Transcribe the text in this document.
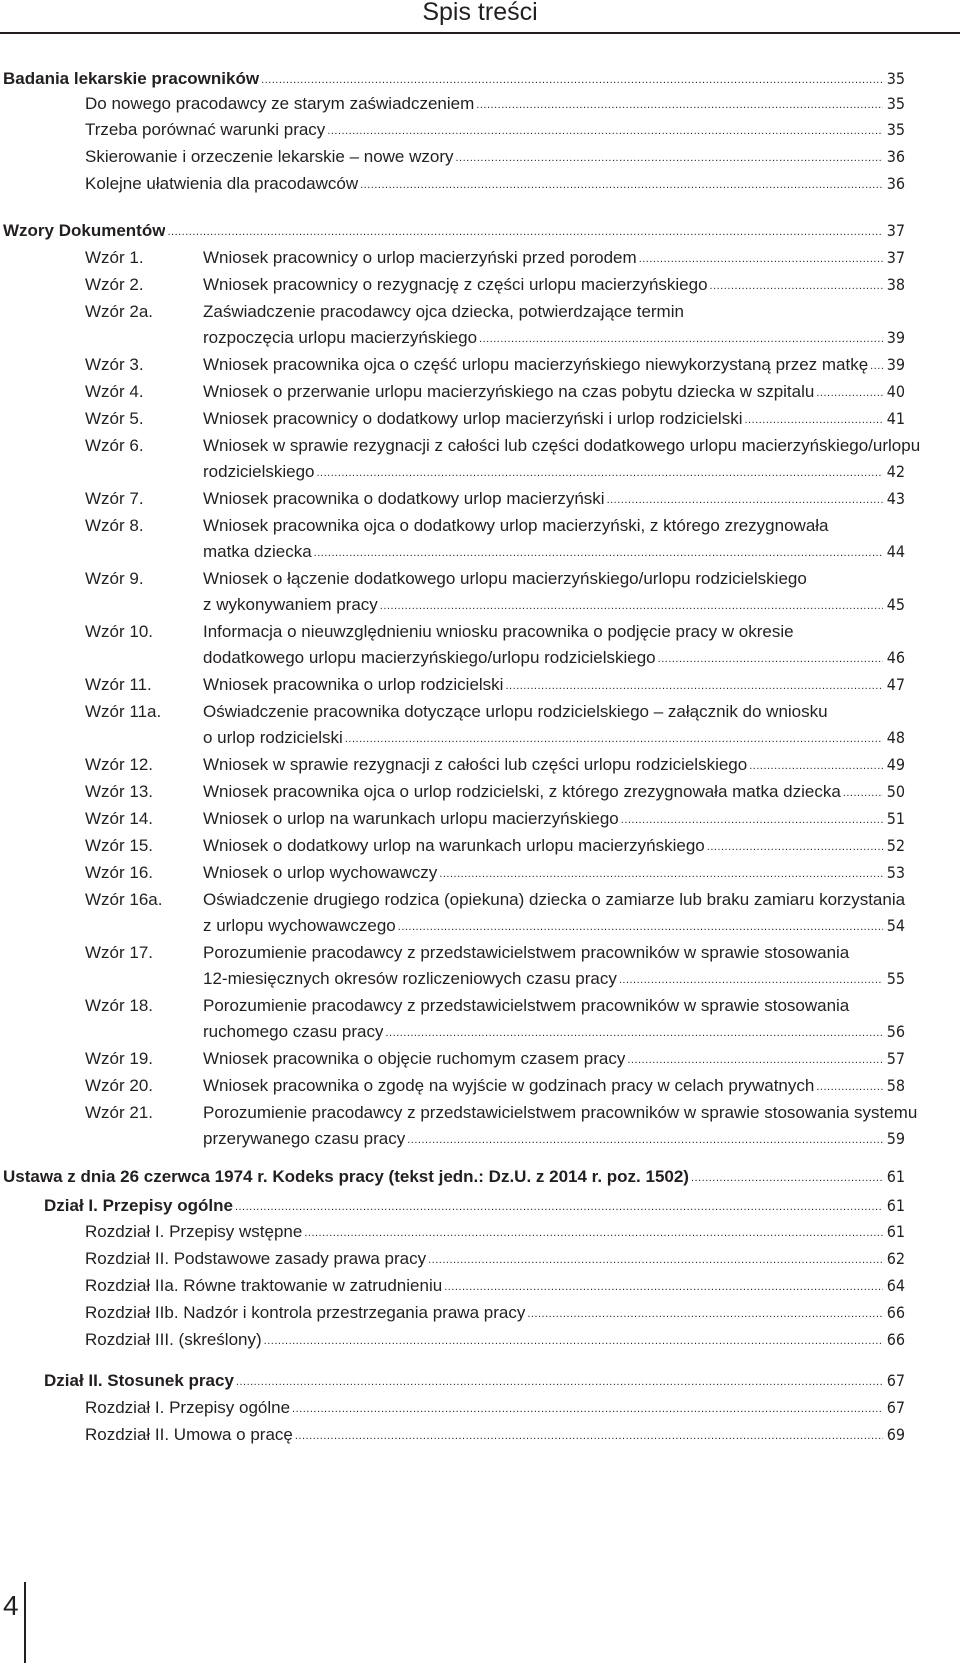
Spis treści
Badania lekarskie pracowników .....	35
Do nowego pracodawcy ze starym zaświadczeniem .....	35
Trzeba porównać warunki pracy .....	35
Skierowanie i orzeczenie lekarskie – nowe wzory .....	36
Kolejne ułatwienia dla pracodawców .....	36
Wzory Dokumentów .....	37
Wzór 1.	Wniosek pracownicy o urlop macierzyński przed porodem .....	37
Wzór 2.	Wniosek pracownicy o rezygnację z części urlopu macierzyńskiego .....	38
Wzór 2a.	Zaświadczenie pracodawcy ojca dziecka, potwierdzające termin
rozpoczęcia urlopu macierzyńskiego .....	39
Wzór 3.	Wniosek pracownika ojca o część urlopu macierzyńskiego niewykorzystaną przez matkę ..... 39
Wzór 4.	Wniosek o przerwanie urlopu macierzyńskiego na czas pobytu dziecka w szpitalu .....	40
Wzór 5.	Wniosek pracownicy o dodatkowy urlop macierzyński i urlop rodzicielski .....	41
Wzór 6.	Wniosek w sprawie rezygnacji z całości lub części dodatkowego urlopu macierzyńskiego/urlopu
rodzicielskiego .....	42
Wzór 7.	Wniosek pracownika o dodatkowy urlop macierzyński .....	43
Wzór 8.	Wniosek pracownika ojca o dodatkowy urlop macierzyński, z którego zrezygnowała
matka dziecka .....	44
Wzór 9.	Wniosek o łączenie dodatkowego urlopu macierzyńskiego/urlopu rodzicielskiego
z wykonywaniem pracy .....	45
Wzór 10.	Informacja o nieuwzględnieniu wniosku pracownika o podjęcie pracy w okresie
dodatkowego urlopu macierzyńskiego/urlopu rodzicielskiego .....	46
Wzór 11.	Wniosek pracownika o urlop rodzicielski .....	47
Wzór 11a. Oświadczenie pracownika dotyczące urlopu rodzicielskiego – załącznik do wniosku
o urlop rodzicielski .....	48
Wzór 12.	Wniosek w sprawie rezygnacji z całości lub części urlopu rodzicielskiego .....	49
Wzór 13.	Wniosek pracownika ojca o urlop rodzicielski, z którego zrezygnowała matka dziecka .....	50
Wzór 14.	Wniosek o urlop na warunkach urlopu macierzyńskiego .....	51
Wzór 15.	Wniosek o dodatkowy urlop na warunkach urlopu macierzyńskiego .....	52
Wzór 16.	Wniosek o urlop wychowawczy .....	53
Wzór 16a. Oświadczenie drugiego rodzica (opiekuna) dziecka o zamiarze lub braku zamiaru korzystania
z urlopu wychowawczego .....	54
Wzór 17.	Porozumienie pracodawcy z przedstawicielstwem pracowników w sprawie stosowania
12-miesięcznych okresów rozliczeniowych czasu pracy .....	55
Wzór 18.	Porozumienie pracodawcy z przedstawicielstwem pracowników w sprawie stosowania
ruchomego czasu pracy .....	56
Wzór 19.	Wniosek pracownika o objęcie ruchomym czasem pracy .....	57
Wzór 20.	Wniosek pracownika o zgodę na wyjście w godzinach pracy w celach prywatnych .....	58
Wzór 21.	Porozumienie pracodawcy z przedstawicielstwem pracowników w sprawie stosowania systemu
przerywanego czasu pracy .....	59
Ustawa z dnia 26 czerwca 1974 r. Kodeks pracy (tekst jedn.: Dz.U. z 2014 r. poz. 1502) .....	61
Dział I. Przepisy ogólne .....	61
Rozdział I. Przepisy wstępne .....	61
Rozdział II. Podstawowe zasady prawa pracy .....	62
Rozdział IIa. Równe traktowanie w zatrudnieniu .....	64
Rozdział IIb. Nadzór i kontrola przestrzegania prawa pracy .....	66
Rozdział III. (skreślony) .....	66
Dział II. Stosunek pracy .....	67
Rozdział I. Przepisy ogólne .....	67
Rozdział II. Umowa o pracę .....	69
4
